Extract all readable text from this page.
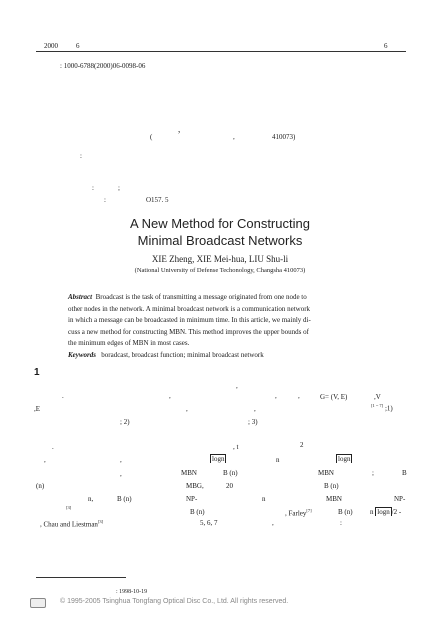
2000	6	6
: 1000-6788(2000)06-0098-06
,
(	,	410073)
:
:	;
:	O157. 5
A New Method for Constructing
Minimal Broadcast Networks
XIE Zheng, XIE Mei-hua, LIU Shu-li
(National University of Defense Techonology, Changsha 410073)

Abstract Broadcast is the task of transmitting a message originated from one node to

other nodes in the network. A minimal broadcast network is a communication network

in which a message can be broadcasted in minimum time. In this article, we mainly di-

cuss a new method for constructing MBN. This method improves the upper bounds of

the minimum edges of MBN in most cases.

Keywords boradcast, broadcast function; minimal broadcast network

1
.
,
,
,	,	G= (V, E)	,V
,E	,	,	[1 ~ 7] ;1)
; 2)	; 3)
.	, t	2
,	,	logn	n	logn
,	MBN	B (n)	MBN	;	B
(n)	MBG,	20	B (n)
n,	B (n)	NP-	n	MBN	NP-
[3]
B (n)	, Farley[7]	B (n) n logn /2 -
, Chau and Liestman[3]	5, 6, 7	,	:
: 1998-10-19
© 1995-2005 Tsinghua Tongfang Optical Disc Co., Ltd. All rights reserved.
